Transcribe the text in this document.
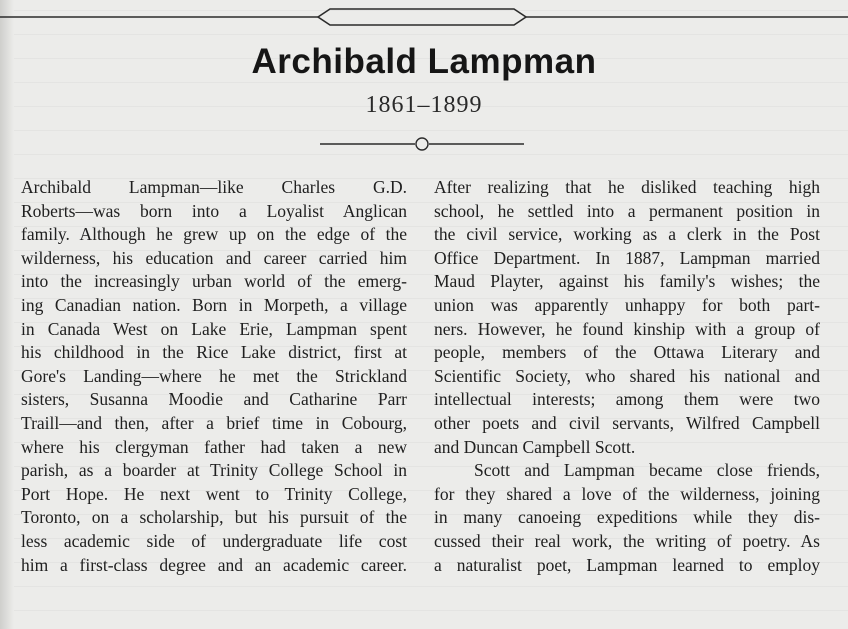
Archibald Lampman
1861–1899
Archibald Lampman—like Charles G.D.
Roberts—was born into a Loyalist Anglican
family. Although he grew up on the edge of the
wilderness, his education and career carried him
into the increasingly urban world of the emerg-
ing Canadian nation. Born in Morpeth, a village
in Canada West on Lake Erie, Lampman spent
his childhood in the Rice Lake district, first at
Gore's Landing—where he met the Strickland
sisters, Susanna Moodie and Catharine Parr
Traill—and then, after a brief time in Cobourg,
where his clergyman father had taken a new
parish, as a boarder at Trinity College School in
Port Hope. He next went to Trinity College,
Toronto, on a scholarship, but his pursuit of the
less academic side of undergraduate life cost
him a first-class degree and an academic career.
After realizing that he disliked teaching high
school, he settled into a permanent position in
the civil service, working as a clerk in the Post
Office Department. In 1887, Lampman married
Maud Playter, against his family's wishes; the
union was apparently unhappy for both part-
ners. However, he found kinship with a group of
people, members of the Ottawa Literary and
Scientific Society, who shared his national and
intellectual interests; among them were two
other poets and civil servants, Wilfred Campbell
and Duncan Campbell Scott.
Scott and Lampman became close friends,
for they shared a love of the wilderness, joining
in many canoeing expeditions while they dis-
cussed their real work, the writing of poetry. As
a naturalist poet, Lampman learned to employ
